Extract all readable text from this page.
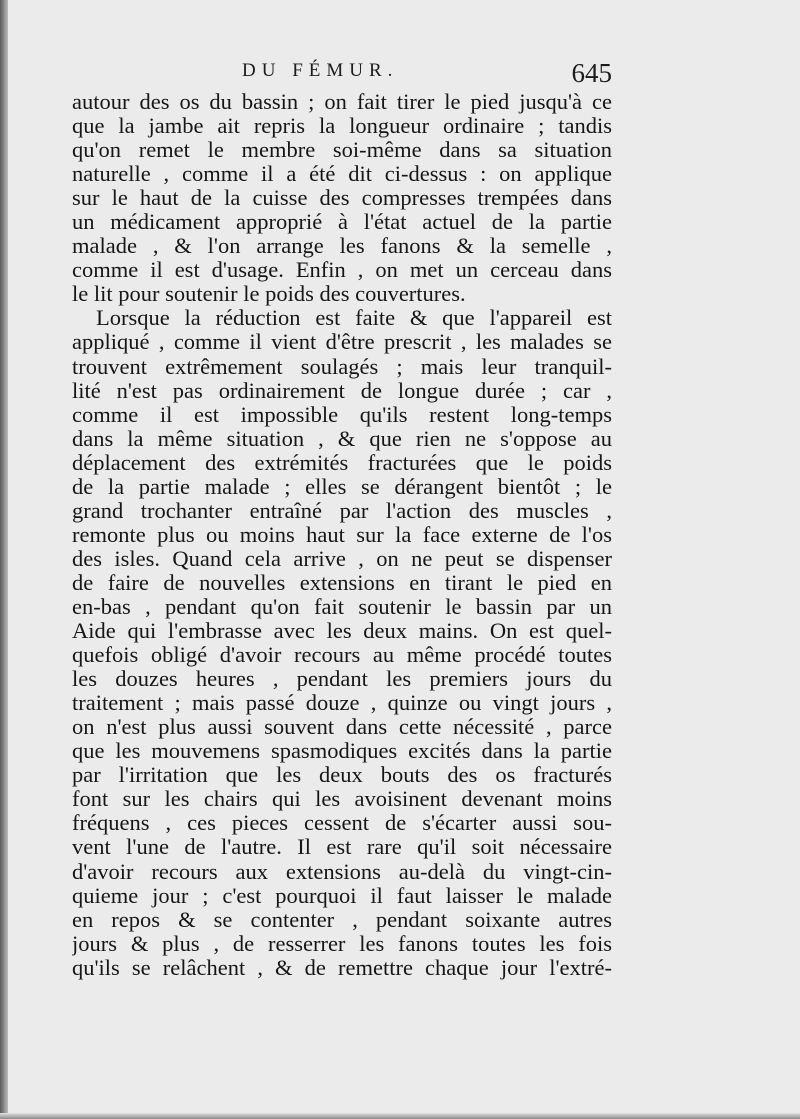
DU FÉMUR.	645
autour des os du bassin ; on fait tirer le pied jusqu'à ce
que la jambe ait repris la longueur ordinaire ; tandis
qu'on remet le membre soi-même dans sa situation
naturelle , comme il a été dit ci-dessus : on applique
sur le haut de la cuisse des compresses trempées dans
un médicament approprié à l'état actuel de la partie
malade , & l'on arrange les fanons & la semelle ,
comme il est d'usage. Enfin , on met un cerceau dans
le lit pour soutenir le poids des couvertures.
Lorsque la réduction est faite & que l'appareil est
appliqué , comme il vient d'être prescrit , les malades se
trouvent extrêmement soulagés ; mais leur tranquil-
lité n'est pas ordinairement de longue durée ; car ,
comme il est impossible qu'ils restent long-temps
dans la même situation , & que rien ne s'oppose au
déplacement des extrémités fracturées que le poids
de la partie malade ; elles se dérangent bientôt ; le
grand trochanter entraîné par l'action des muscles ,
remonte plus ou moins haut sur la face externe de l'os
des isles. Quand cela arrive , on ne peut se dispenser
de faire de nouvelles extensions en tirant le pied en
en-bas , pendant qu'on fait soutenir le bassin par un
Aide qui l'embrasse avec les deux mains. On est quel-
quefois obligé d'avoir recours au même procédé toutes
les douzes heures , pendant les premiers jours du
traitement ; mais passé douze , quinze ou vingt jours ,
on n'est plus aussi souvent dans cette nécessité , parce
que les mouvemens spasmodiques excités dans la partie
par l'irritation que les deux bouts des os fracturés
font sur les chairs qui les avoisinent devenant moins
fréquens , ces pieces cessent de s'écarter aussi sou-
vent l'une de l'autre. Il est rare qu'il soit nécessaire
d'avoir recours aux extensions au-delà du vingt-cin-
quieme jour ; c'est pourquoi il faut laisser le malade
en repos & se contenter , pendant soixante autres
jours & plus , de resserrer les fanons toutes les fois
qu'ils se relâchent , & de remettre chaque jour l'extré-
